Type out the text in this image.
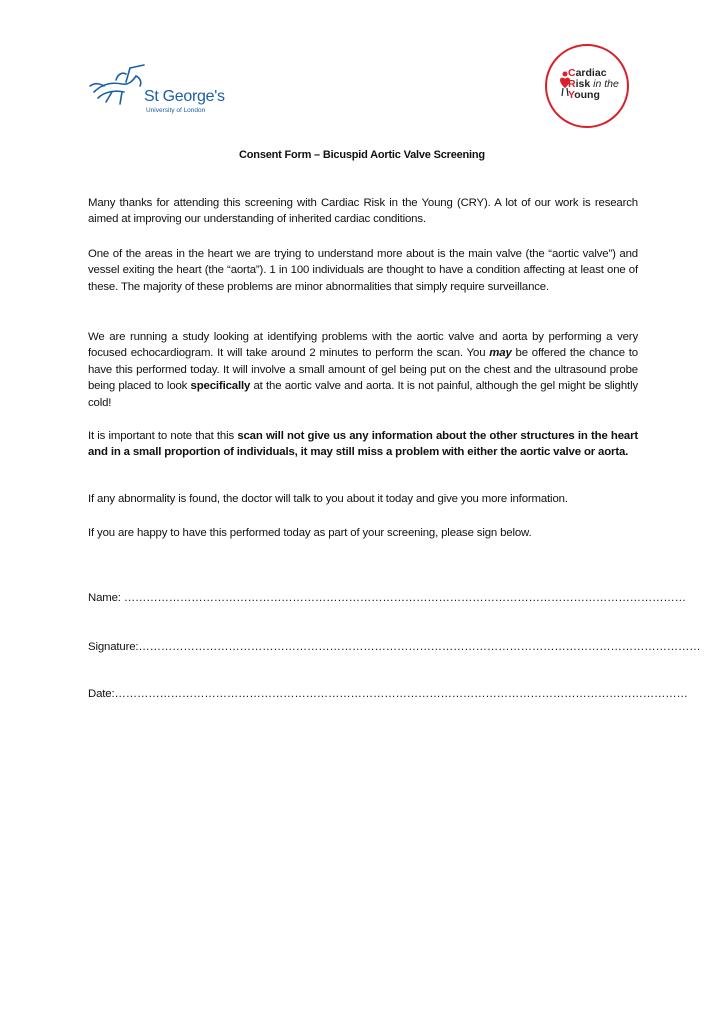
St George's
University of London
Cardiac
Risk in the
Young
Consent Form – Bicuspid Aortic Valve Screening
Many thanks for attending this screening with Cardiac Risk in the Young (CRY). A lot of our work is research aimed at improving our understanding of inherited cardiac conditions.
One of the areas in the heart we are trying to understand more about is the main valve (the “aortic valve”) and vessel exiting the heart (the “aorta”). 1 in 100 individuals are thought to have a condition affecting at least one of these. The majority of these problems are minor abnormalities that simply require surveillance.
We are running a study looking at identifying problems with the aortic valve and aorta by performing a very focused echocardiogram. It will take around 2 minutes to perform the scan. You may be offered the chance to have this performed today. It will involve a small amount of gel being put on the chest and the ultrasound probe being placed to look specifically at the aortic valve and aorta. It is not painful, although the gel might be slightly cold!
It is important to note that this scan will not give us any information about the other structures in the heart and in a small proportion of individuals, it may still miss a problem with either the aortic valve or aorta.
If any abnormality is found, the doctor will talk to you about it today and give you more information.
If you are happy to have this performed today as part of your screening, please sign below.
Name: ……………………………………………………………………………………………………………………………………
Signature:……………………………………………………………………………………………………………………………………
Date:………………………………………………………………………………………………………………………………………
